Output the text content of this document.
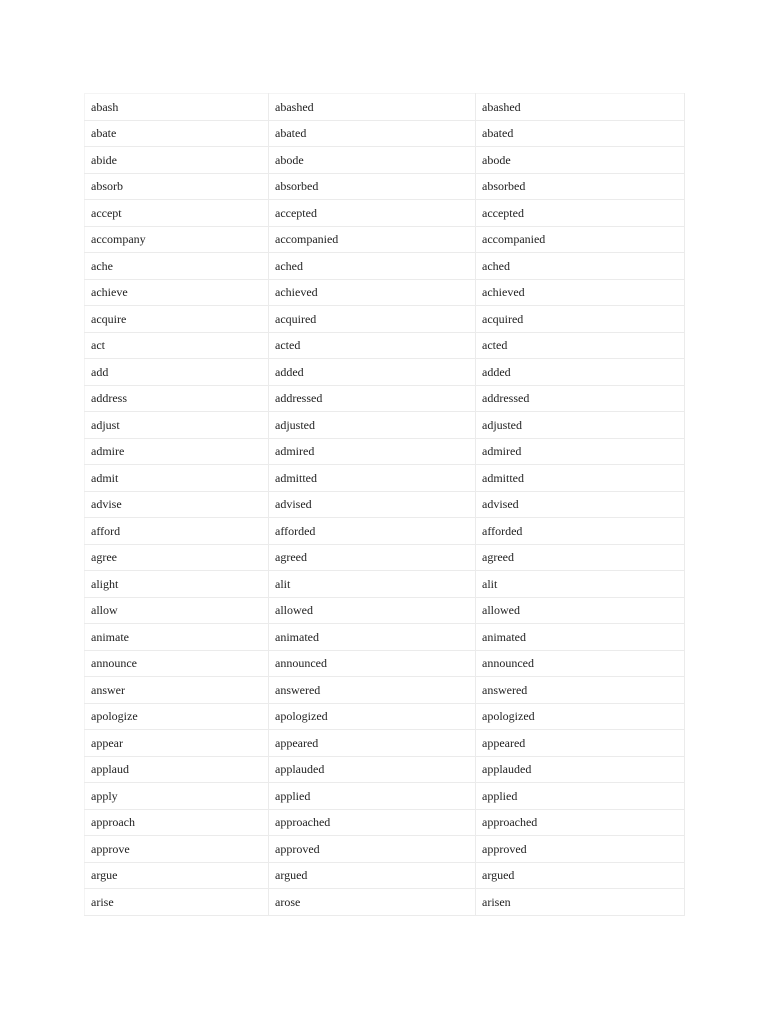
abash	abashed	abashed
abate	abated	abated
abide	abode	abode
absorb	absorbed	absorbed
accept	accepted	accepted
accompany	accompanied	accompanied
ache	ached	ached
achieve	achieved	achieved
acquire	acquired	acquired
act	acted	acted
add	added	added
address	addressed	addressed
adjust	adjusted	adjusted
admire	admired	admired
admit	admitted	admitted
advise	advised	advised
afford	afforded	afforded
agree	agreed	agreed
alight	alit	alit
allow	allowed	allowed
animate	animated	animated
announce	announced	announced
answer	answered	answered
apologize	apologized	apologized
appear	appeared	appeared
applaud	applauded	applauded
apply	applied	applied
approach	approached	approached
approve	approved	approved
argue	argued	argued
arise	arose	arisen
